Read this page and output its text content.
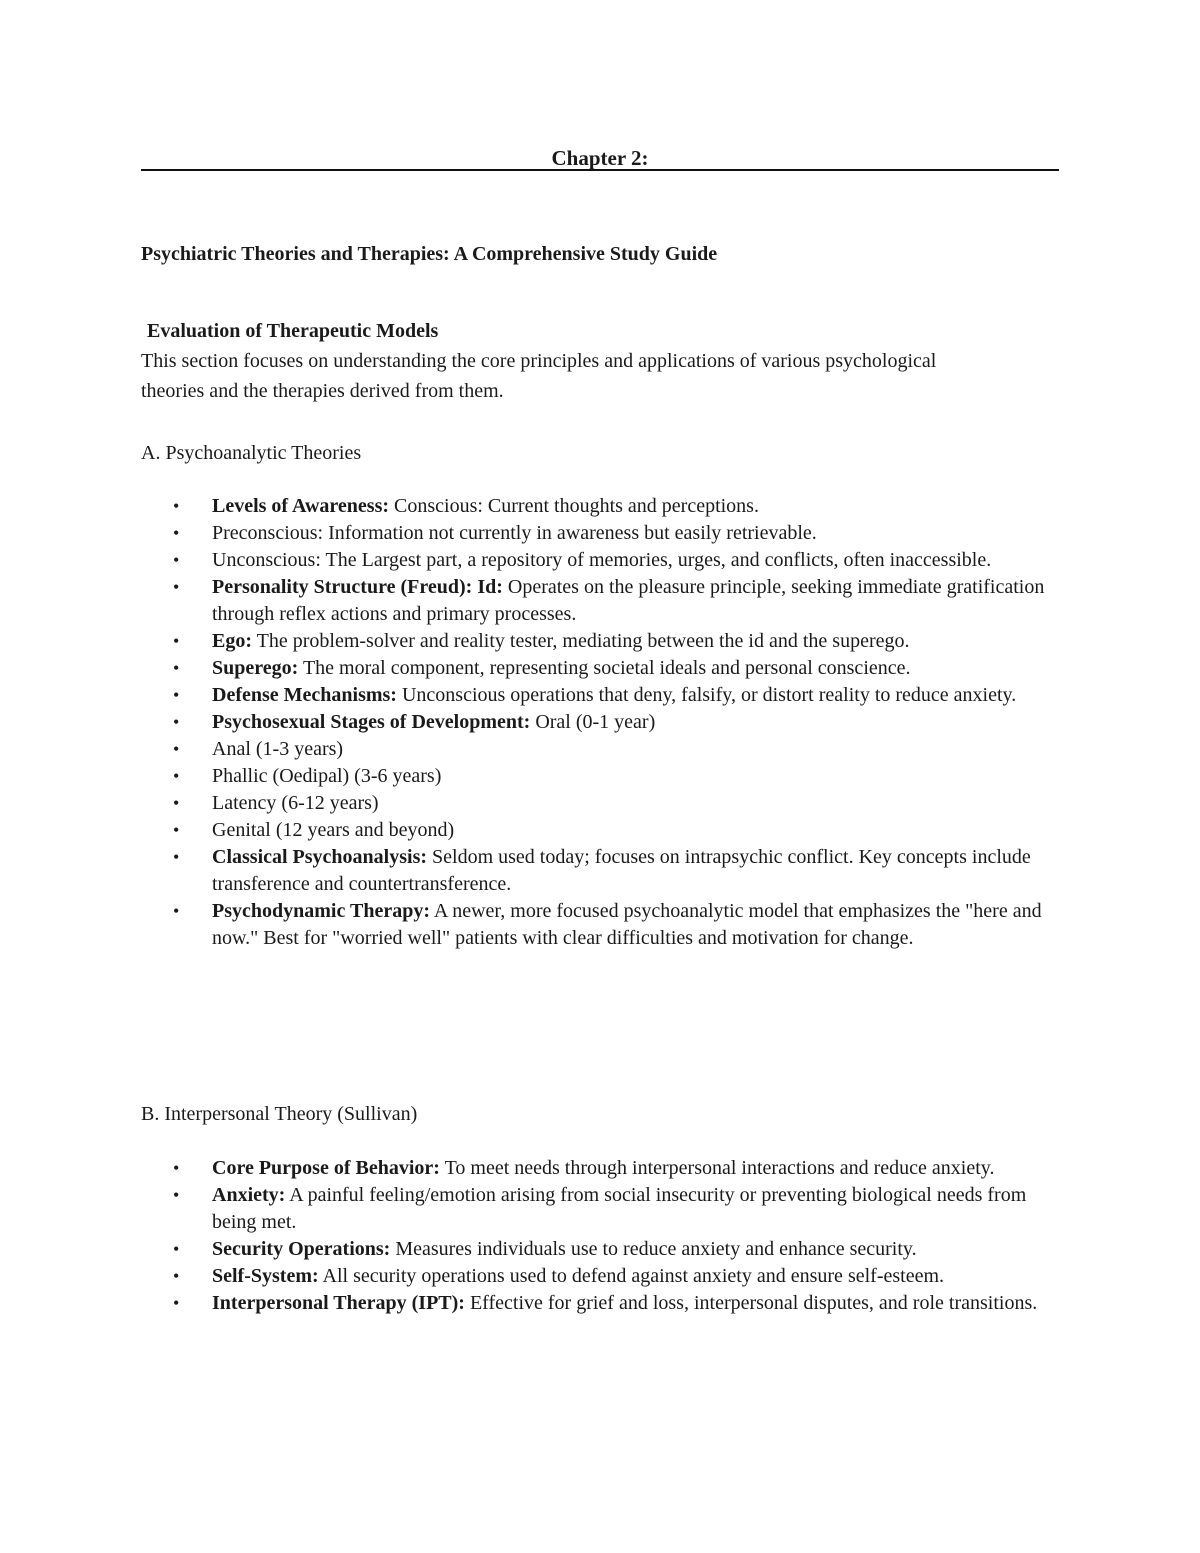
Chapter 2:
Psychiatric Theories and Therapies: A Comprehensive Study Guide
Evaluation of Therapeutic Models

This section focuses on understanding the core principles and applications of various psychological theories and the therapies derived from them.

A. Psychoanalytic Theories
• Levels of Awareness: Conscious: Current thoughts and perceptions.
• Preconscious: Information not currently in awareness but easily retrievable.
• Unconscious: The Largest part, a repository of memories, urges, and conflicts, often inaccessible.
• Personality Structure (Freud): Id: Operates on the pleasure principle, seeking immediate gratification through reflex actions and primary processes.
• Ego: The problem-solver and reality tester, mediating between the id and the superego.
• Superego: The moral component, representing societal ideals and personal conscience.
• Defense Mechanisms: Unconscious operations that deny, falsify, or distort reality to reduce anxiety.
• Psychosexual Stages of Development: Oral (0-1 year)
• Anal (1-3 years)
• Phallic (Oedipal) (3-6 years)
• Latency (6-12 years)
• Genital (12 years and beyond)
• Classical Psychoanalysis: Seldom used today; focuses on intrapsychic conflict. Key concepts include transference and countertransference.
• Psychodynamic Therapy: A newer, more focused psychoanalytic model that emphasizes the "here and now." Best for "worried well" patients with clear difficulties and motivation for change.
B. Interpersonal Theory (Sullivan)
• Core Purpose of Behavior: To meet needs through interpersonal interactions and reduce anxiety.
• Anxiety: A painful feeling/emotion arising from social insecurity or preventing biological needs from being met.
• Security Operations: Measures individuals use to reduce anxiety and enhance security.
• Self-System: All security operations used to defend against anxiety and ensure self-esteem.
• Interpersonal Therapy (IPT): Effective for grief and loss, interpersonal disputes, and role transitions.
